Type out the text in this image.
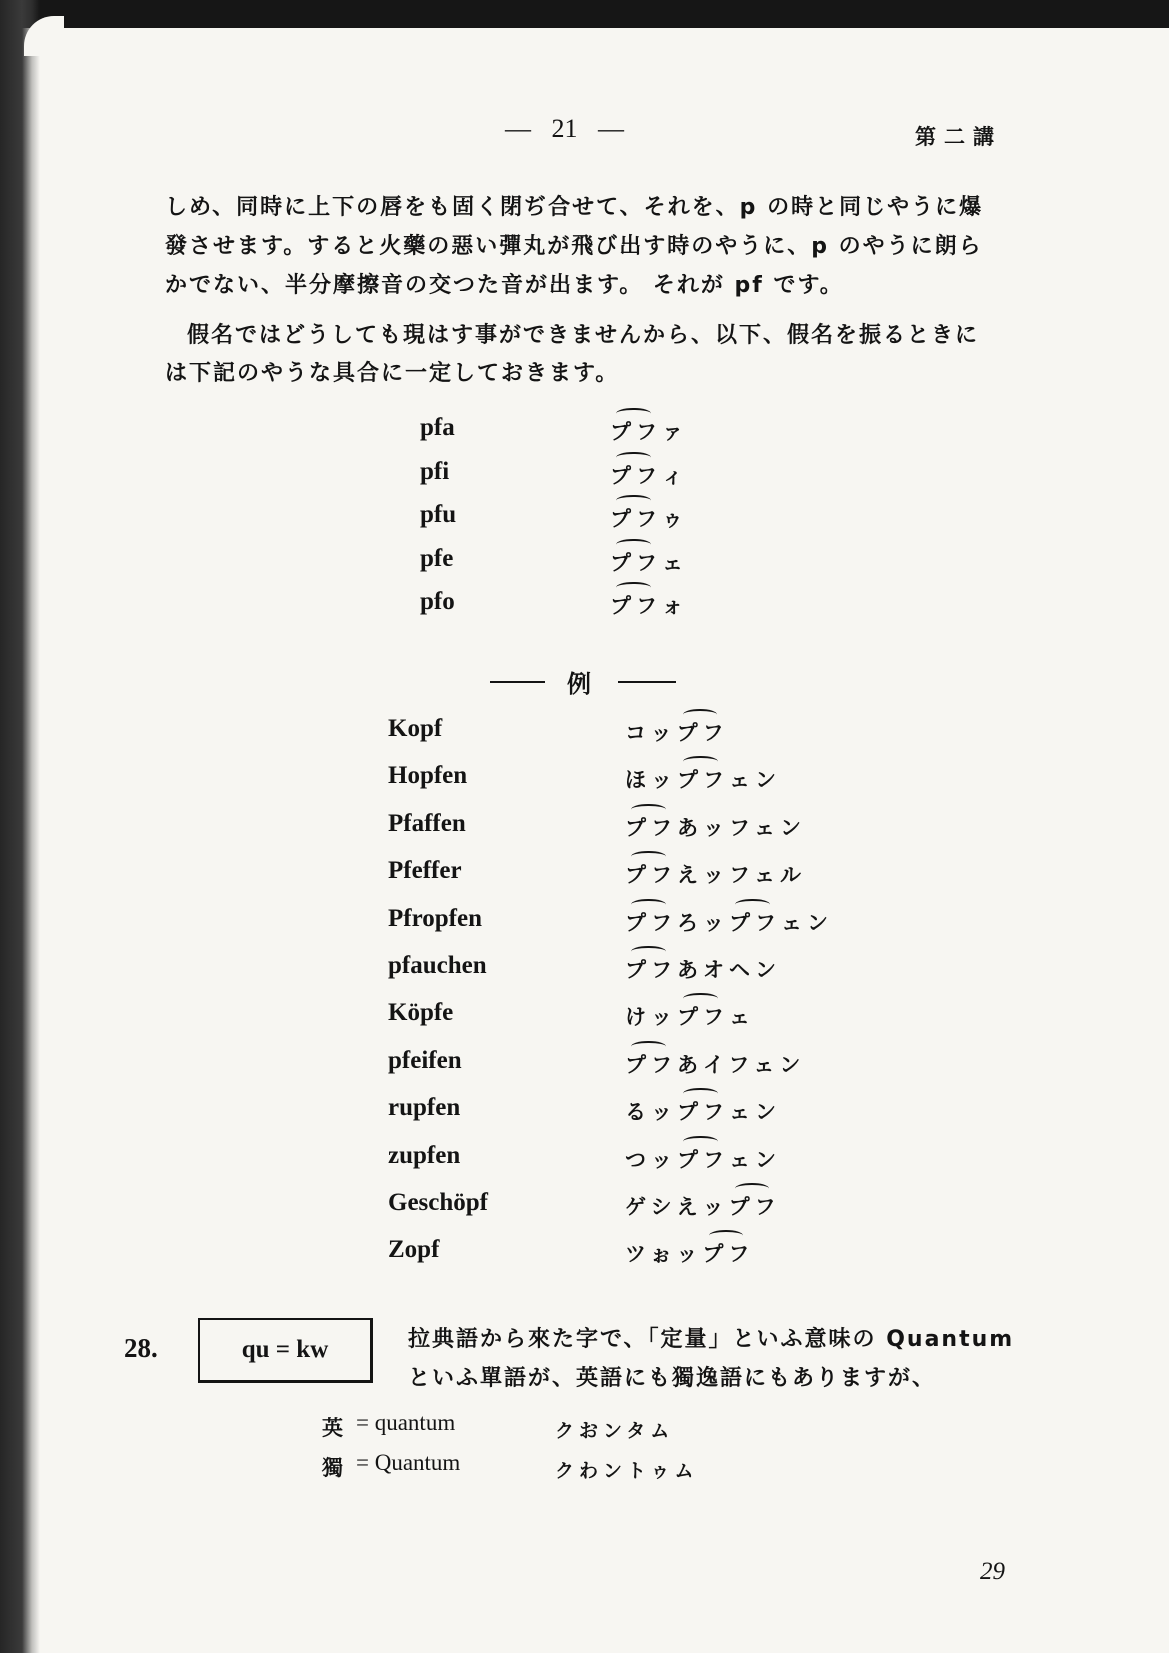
— 21 —	第二講
しめ、同時に上下の唇をも固く閉ぢ合せて、それを、p の時と同じやうに爆
發させます。すると火藥の惡い彈丸が飛び出す時のやうに、p のやうに朗ら
かでない、半分摩擦音の交つた音が出ます。 それが pf です。
假名ではどうしても現はす事ができませんから、以下、假名を振るときに
は下記のやうな具合に一定しておきます。
pfa	プファ
pfi	プフィ
pfu	プフゥ
pfe	プフェ
pfo	プフォ
例
Kopf	コップフ
Hopfen	ほップフェン
Pfaffen	プフあッフェン
Pfeffer	プフえッフェル
Pfropfen	プフろップフェン
pfauchen	プフあオヘン
Köpfe	けップフェ
pfeifen	プフあイフェン
rupfen	るップフェン
zupfen	つップフェン
Geschöpf	ゲシえップフ
Zopf	ツぉップフ
28.	qu = kw	拉典語から來た字で、「定量」といふ意味の Quantum
といふ單語が、英語にも獨逸語にもありますが、
英 = quantum	クおンタム
獨 = Quantum	クわントゥム
29
